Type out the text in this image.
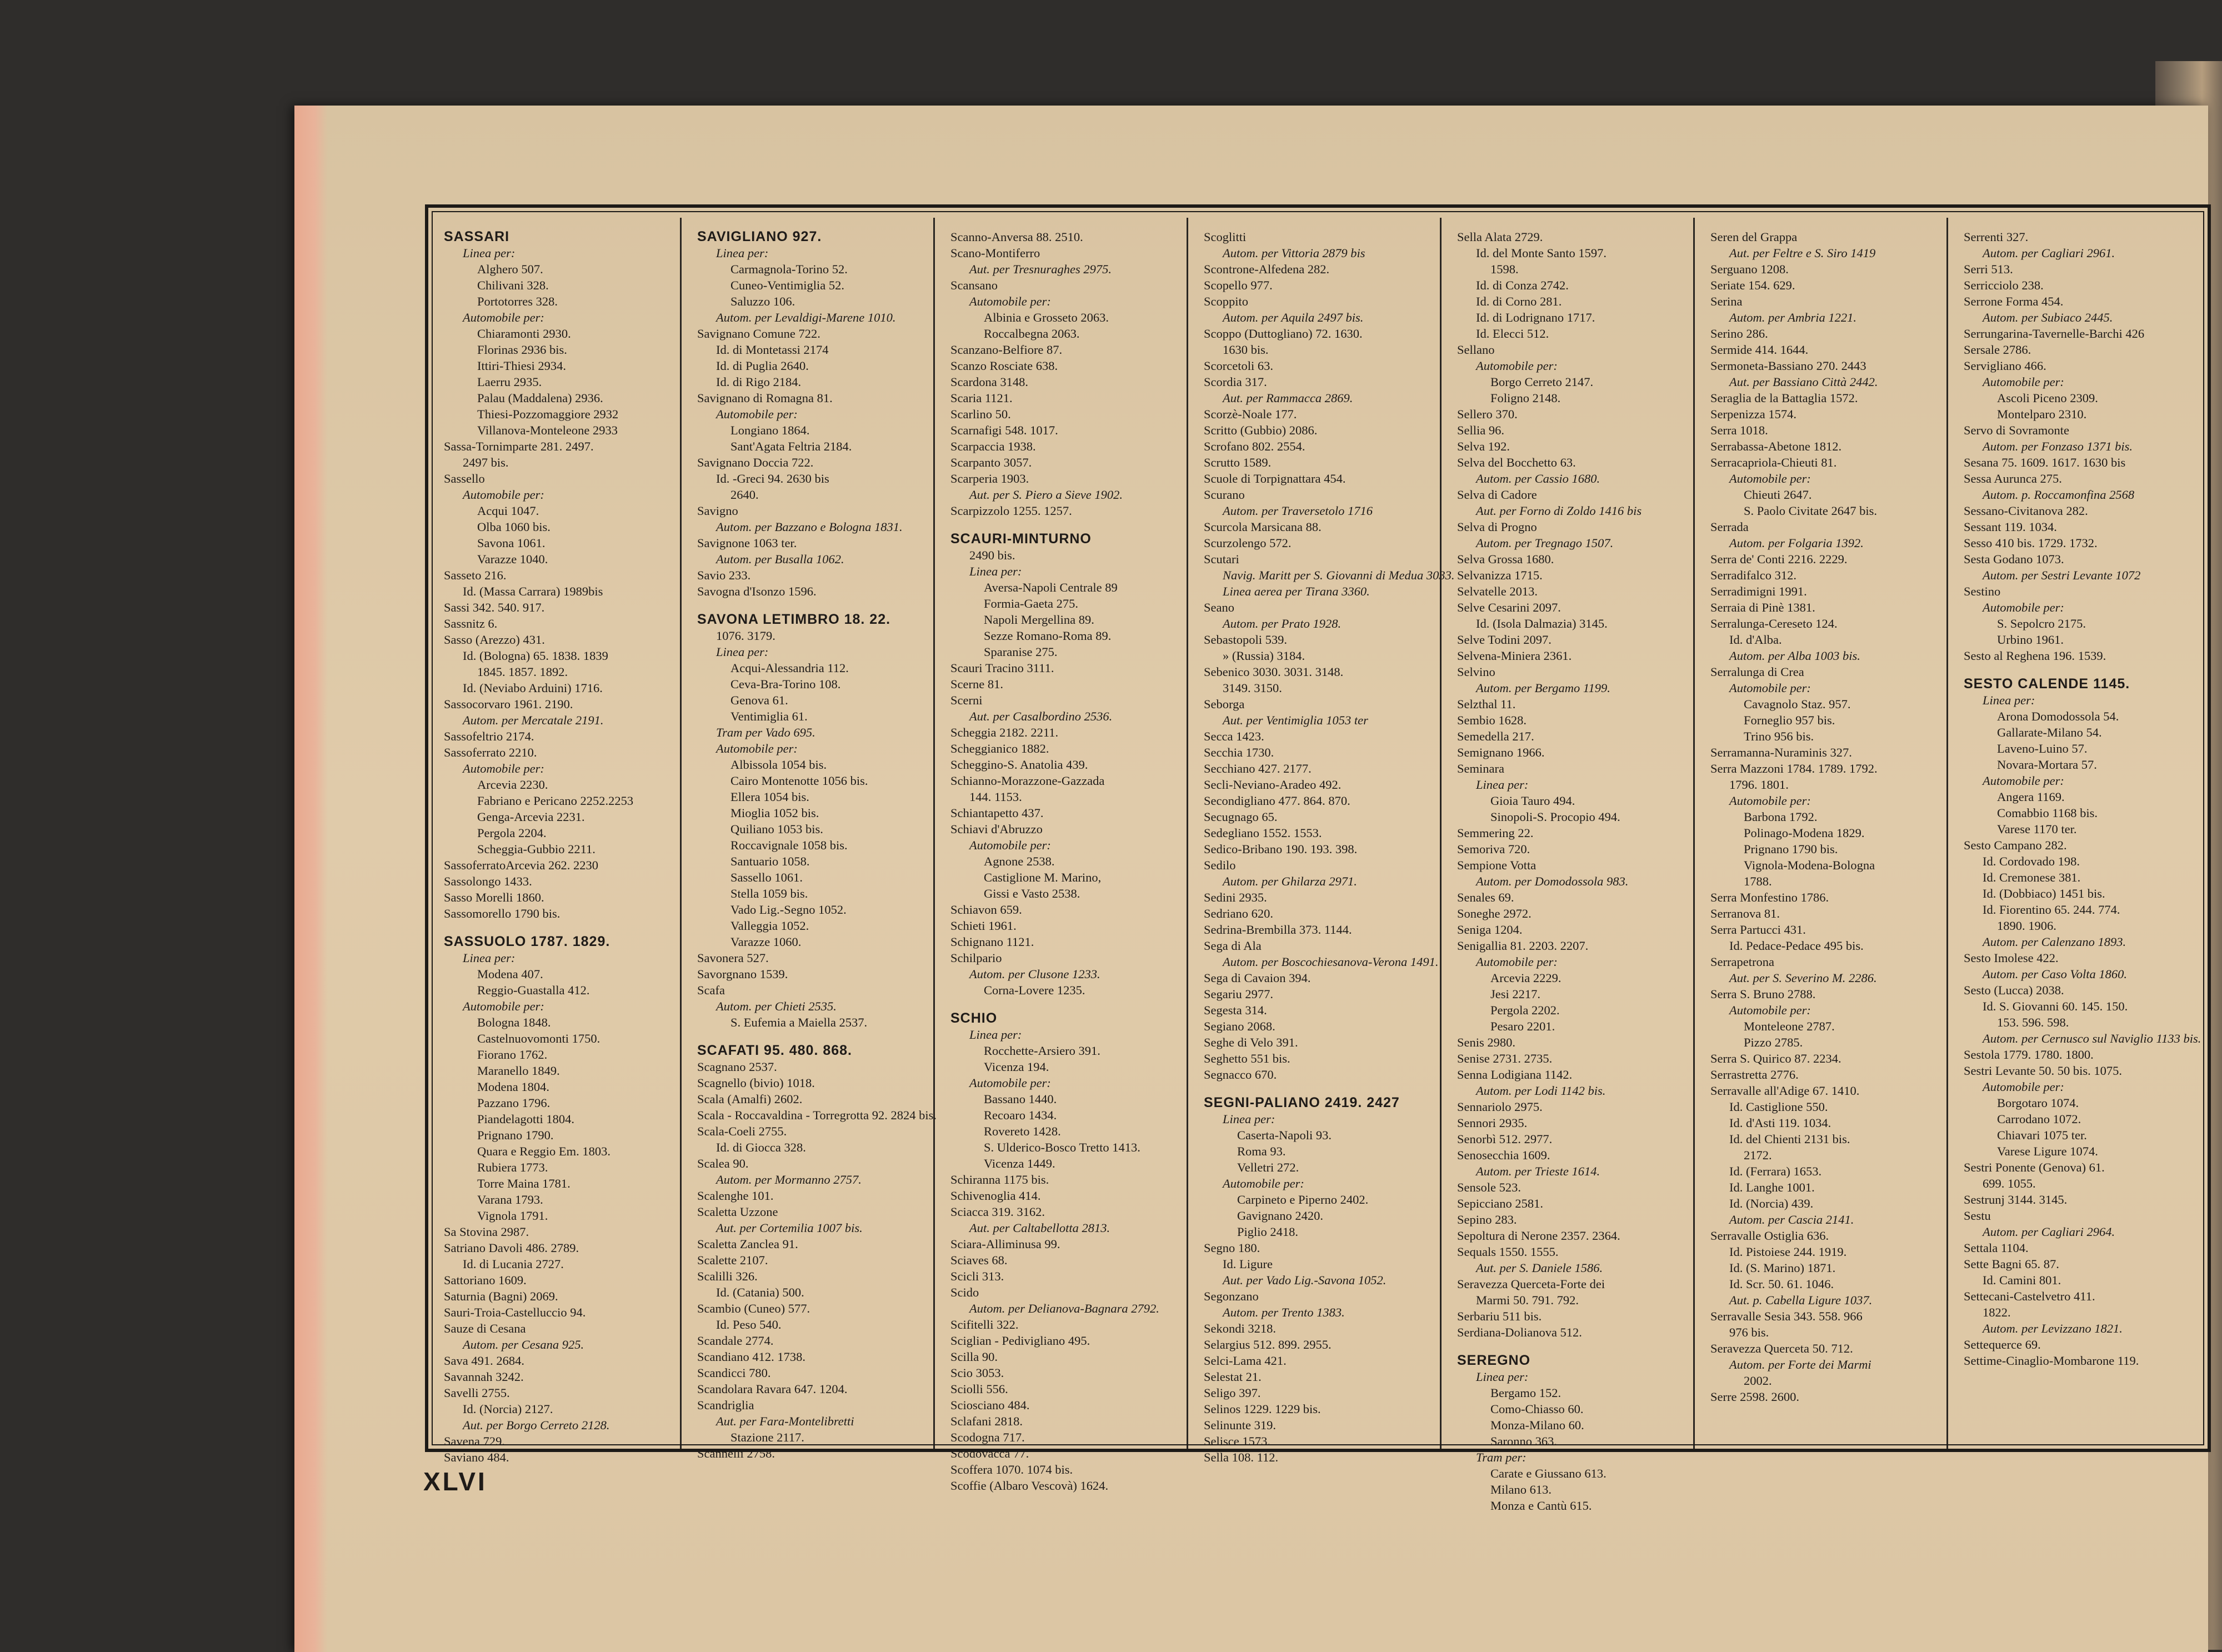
SASSARI
Linea per:
Alghero 507.
Chilivani 328.
Portotorres 328.
Automobile per:
Chiaramonti 2930.
Florinas 2936 bis.
Ittiri-Thiesi 2934.
Laerru 2935.
Palau (Maddalena) 2936.
Thiesi-Pozzomaggiore 2932
Villanova-Monteleone 2933
Sassa-Tornimparte 281. 2497.
2497 bis.
Sassello
Automobile per:
Acqui 1047.
Olba 1060 bis.
Savona 1061.
Varazze 1040.
Sasseto 216.
Id. (Massa Carrara) 1989bis
Sassi 342. 540. 917.
Sassnitz 6.
Sasso (Arezzo) 431.
Id. (Bologna) 65. 1838. 1839
1845. 1857. 1892.
Id. (Neviabo Arduini) 1716.
Sassocorvaro 1961. 2190.
Autom. per Mercatale 2191.
Sassofeltrio 2174.
Sassoferrato 2210.
Automobile per:
Arcevia 2230.
Fabriano e Pericano 2252.2253
Genga-Arcevia 2231.
Pergola 2204.
Scheggia-Gubbio 2211.
SassoferratoArcevia 262. 2230
Sassolongo 1433.
Sasso Morelli 1860.
Sassomorello 1790 bis.
SASSUOLO 1787. 1829.
Linea per:
Modena 407.
Reggio-Guastalla 412.
Automobile per:
Bologna 1848.
Castelnuovomonti 1750.
Fiorano 1762.
Maranello 1849.
Modena 1804.
Pazzano 1796.
Piandelagotti 1804.
Prignano 1790.
Quara e Reggio Em. 1803.
Rubiera 1773.
Torre Maina 1781.
Varana 1793.
Vignola 1791.
Sa Stovina 2987.
Satriano Davoli 486. 2789.
Id. di Lucania 2727.
Sattoriano 1609.
Saturnia (Bagni) 2069.
Sauri-Troia-Castelluccio 94.
Sauze di Cesana
Autom. per Cesana 925.
Sava 491. 2684.
Savannah 3242.
Savelli 2755.
Id. (Norcia) 2127.
Aut. per Borgo Cerreto 2128.
Savena 729.
Saviano 484.
SAVIGLIANO 927.
Linea per:
Carmagnola-Torino 52.
Cuneo-Ventimiglia 52.
Saluzzo 106.
Autom. per Levaldigi-Marene 1010.
Savignano Comune 722.
Id. di Montetassi 2174
Id. di Puglia 2640.
Id. di Rigo 2184.
Savignano di Romagna 81.
Automobile per:
Longiano 1864.
Sant'Agata Feltria 2184.
Savignano Doccia 722.
Id. -Greci 94. 2630 bis
2640.
Savigno
Autom. per Bazzano e Bologna 1831.
Savignone 1063 ter.
Autom. per Busalla 1062.
Savio 233.
Savogna d'Isonzo 1596.
SAVONA LETIMBRO 18. 22.
1076. 3179.
Linea per:
Acqui-Alessandria 112.
Ceva-Bra-Torino 108.
Genova 61.
Ventimiglia 61.
Tram per Vado 695.
Automobile per:
Albissola 1054 bis.
Cairo Montenotte 1056 bis.
Ellera 1054 bis.
Mioglia 1052 bis.
Quiliano 1053 bis.
Roccavignale 1058 bis.
Santuario 1058.
Sassello 1061.
Stella 1059 bis.
Vado Lig.-Segno 1052.
Valleggia 1052.
Varazze 1060.
Savonera 527.
Savorgnano 1539.
Scafa
Autom. per Chieti 2535.
S. Eufemia a Maiella 2537.
SCAFATI 95. 480. 868.
Scagnano 2537.
Scagnello (bivio) 1018.
Scala (Amalfi) 2602.
Scala - Roccavaldina - Torregrotta 92. 2824 bis.
Scala-Coeli 2755.
Id. di Giocca 328.
Scalea 90.
Autom. per Mormanno 2757.
Scalenghe 101.
Scaletta Uzzone
Aut. per Cortemilia 1007 bis.
Scaletta Zanclea 91.
Scalette 2107.
Scalilli 326.
Id. (Catania) 500.
Scambio (Cuneo) 577.
Id. Peso 540.
Scandale 2774.
Scandiano 412. 1738.
Scandicci 780.
Scandolara Ravara 647. 1204.
Scandriglia
Aut. per Fara-Montelibretti
Stazione 2117.
Scannelli 2758.
Scanno-Anversa 88. 2510.
Scano-Montiferro
Aut. per Tresnuraghes 2975.
Scansano
Automobile per:
Albinia e Grosseto 2063.
Roccalbegna 2063.
Scanzano-Belfiore 87.
Scanzo Rosciate 638.
Scardona 3148.
Scaria 1121.
Scarlino 50.
Scarnafigi 548. 1017.
Scarpaccia 1938.
Scarpanto 3057.
Scarperia 1903.
Aut. per S. Piero a Sieve 1902.
Scarpizzolo 1255. 1257.
SCAURI-MINTURNO
2490 bis.
Linea per:
Aversa-Napoli Centrale 89
Formia-Gaeta 275.
Napoli Mergellina 89.
Sezze Romano-Roma 89.
Sparanise 275.
Scauri Tracino 3111.
Scerne 81.
Scerni
Aut. per Casalbordino 2536.
Scheggia 2182. 2211.
Scheggianico 1882.
Scheggino-S. Anatolia 439.
Schianno-Morazzone-Gazzada
144. 1153.
Schiantapetto 437.
Schiavi d'Abruzzo
Automobile per:
Agnone 2538.
Castiglione M. Marino,
Gissi e Vasto 2538.
Schiavon 659.
Schieti 1961.
Schignano 1121.
Schilpario
Autom. per Clusone 1233.
Corna-Lovere 1235.
SCHIO
Linea per:
Rocchette-Arsiero 391.
Vicenza 194.
Automobile per:
Bassano 1440.
Recoaro 1434.
Rovereto 1428.
S. Ulderico-Bosco Tretto 1413.
Vicenza 1449.
Schiranna 1175 bis.
Schivenoglia 414.
Sciacca 319. 3162.
Aut. per Caltabellotta 2813.
Sciara-Alliminusa 99.
Sciaves 68.
Scicli 313.
Scido
Autom. per Delianova-Bagnara 2792.
Scifitelli 322.
Sciglian - Pedivigliano 495.
Scilla 90.
Scio 3053.
Sciolli 556.
Sciosciano 484.
Sclafani 2818.
Scodogna 717.
Scodovacca 77.
Scoffera 1070. 1074 bis.
Scoffie (Albaro Vescovà) 1624.
Scoglitti
Autom. per Vittoria 2879 bis
Scontrone-Alfedena 282.
Scopello 977.
Scoppito
Autom. per Aquila 2497 bis.
Scoppo (Duttogliano) 72. 1630.
1630 bis.
Scorcetoli 63.
Scordia 317.
Aut. per Rammacca 2869.
Scorzè-Noale 177.
Scritto (Gubbio) 2086.
Scrofano 802. 2554.
Scrutto 1589.
Scuole di Torpignattara 454.
Scurano
Autom. per Traversetolo 1716
Scurcola Marsicana 88.
Scurzolengo 572.
Scutari
Navig. Maritt per S. Giovanni di Medua 3033.
Linea aerea per Tirana 3360.
Seano
Autom. per Prato 1928.
Sebastopoli 539.
» (Russia) 3184.
Sebenico 3030. 3031. 3148.
3149. 3150.
Seborga
Aut. per Ventimiglia 1053 ter
Secca 1423.
Secchia 1730.
Secchiano 427. 2177.
Secli-Neviano-Aradeo 492.
Secondigliano 477. 864. 870.
Secugnago 65.
Sedegliano 1552. 1553.
Sedico-Bribano 190. 193. 398.
Sedilo
Autom. per Ghilarza 2971.
Sedini 2935.
Sedriano 620.
Sedrina-Brembilla 373. 1144.
Sega di Ala
Autom. per Boscochiesanova-Verona 1491.
Sega di Cavaion 394.
Segariu 2977.
Segesta 314.
Segiano 2068.
Seghe di Velo 391.
Seghetto 551 bis.
Segnacco 670.
SEGNI-PALIANO 2419. 2427
Linea per:
Caserta-Napoli 93.
Roma 93.
Velletri 272.
Automobile per:
Carpineto e Piperno 2402.
Gavignano 2420.
Piglio 2418.
Segno 180.
Id. Ligure
Aut. per Vado Lig.-Savona 1052.
Segonzano
Autom. per Trento 1383.
Sekondi 3218.
Selargius 512. 899. 2955.
Selci-Lama 421.
Selestat 21.
Seligo 397.
Selinos 1229. 1229 bis.
Selinunte 319.
Selisce 1573.
Sella 108. 112.
Sella Alata 2729.
Id. del Monte Santo 1597.
1598.
Id. di Conza 2742.
Id. di Corno 281.
Id. di Lodrignano 1717.
Id. Elecci 512.
Sellano
Automobile per:
Borgo Cerreto 2147.
Foligno 2148.
Sellero 370.
Sellia 96.
Selva 192.
Selva del Bocchetto 63.
Autom. per Cassio 1680.
Selva di Cadore
Aut. per Forno di Zoldo 1416 bis
Selva di Progno
Autom. per Tregnago 1507.
Selva Grossa 1680.
Selvanizza 1715.
Selvatelle 2013.
Selve Cesarini 2097.
Id. (Isola Dalmazia) 3145.
Selve Todini 2097.
Selvena-Miniera 2361.
Selvino
Autom. per Bergamo 1199.
Selzthal 11.
Sembio 1628.
Semedella 217.
Semignano 1966.
Seminara
Linea per:
Gioia Tauro 494.
Sinopoli-S. Procopio 494.
Semmering 22.
Semoriva 720.
Sempione Votta
Autom. per Domodossola 983.
Senales 69.
Soneghe 2972.
Seniga 1204.
Senigallia 81. 2203. 2207.
Automobile per:
Arcevia 2229.
Jesi 2217.
Pergola 2202.
Pesaro 2201.
Senis 2980.
Senise 2731. 2735.
Senna Lodigiana 1142.
Autom. per Lodi 1142 bis.
Sennariolo 2975.
Sennori 2935.
Senorbì 512. 2977.
Senosecchia 1609.
Autom. per Trieste 1614.
Sensole 523.
Sepicciano 2581.
Sepino 283.
Sepoltura di Nerone 2357. 2364.
Sequals 1550. 1555.
Aut. per S. Daniele 1586.
Seravezza Querceta-Forte dei
Marmi 50. 791. 792.
Serbariu 511 bis.
Serdiana-Dolianova 512.
SEREGNO
Linea per:
Bergamo 152.
Como-Chiasso 60.
Monza-Milano 60.
Saronno 363.
Tram per:
Carate e Giussano 613.
Milano 613.
Monza e Cantù 615.
Seren del Grappa
Aut. per Feltre e S. Siro 1419
Serguano 1208.
Seriate 154. 629.
Serina
Autom. per Ambria 1221.
Serino 286.
Sermide 414. 1644.
Sermoneta-Bassiano 270. 2443
Aut. per Bassiano Città 2442.
Seraglia de la Battaglia 1572.
Serpenizza 1574.
Serra 1018.
Serrabassa-Abetone 1812.
Serracapriola-Chieuti 81.
Automobile per:
Chieuti 2647.
S. Paolo Civitate 2647 bis.
Serrada
Autom. per Folgaria 1392.
Serra de' Conti 2216. 2229.
Serradifalco 312.
Serradimigni 1991.
Serraia di Pinè 1381.
Serralunga-Cereseto 124.
Id. d'Alba.
Autom. per Alba 1003 bis.
Serralunga di Crea
Automobile per:
Cavagnolo Staz. 957.
Forneglio 957 bis.
Trino 956 bis.
Serramanna-Nuraminis 327.
Serra Mazzoni 1784. 1789. 1792.
1796. 1801.
Automobile per:
Barbona 1792.
Polinago-Modena 1829.
Prignano 1790 bis.
Vignola-Modena-Bologna
1788.
Serra Monfestino 1786.
Serranova 81.
Serra Partucci 431.
Id. Pedace-Pedace 495 bis.
Serrapetrona
Aut. per S. Severino M. 2286.
Serra S. Bruno 2788.
Automobile per:
Monteleone 2787.
Pizzo 2785.
Serra S. Quirico 87. 2234.
Serrastretta 2776.
Serravalle all'Adige 67. 1410.
Id. Castiglione 550.
Id. d'Asti 119. 1034.
Id. del Chienti 2131 bis.
2172.
Id. (Ferrara) 1653.
Id. Langhe 1001.
Id. (Norcia) 439.
Autom. per Cascia 2141.
Serravalle Ostiglia 636.
Id. Pistoiese 244. 1919.
Id. (S. Marino) 1871.
Id. Scr. 50. 61. 1046.
Aut. p. Cabella Ligure 1037.
Serravalle Sesia 343. 558. 966
976 bis.
Seravezza Querceta 50. 712.
Autom. per Forte dei Marmi
2002.
Serre 2598. 2600.
Serrenti 327.
Autom. per Cagliari 2961.
Serri 513.
Serricciolo 238.
Serrone Forma 454.
Autom. per Subiaco 2445.
Serrungarina-Tavernelle-Barchi 426
Sersale 2786.
Servigliano 466.
Automobile per:
Ascoli Piceno 2309.
Montelparo 2310.
Servo di Sovramonte
Autom. per Fonzaso 1371 bis.
Sesana 75. 1609. 1617. 1630 bis
Sessa Aurunca 275.
Autom. p. Roccamonfina 2568
Sessano-Civitanova 282.
Sessant 119. 1034.
Sesso 410 bis. 1729. 1732.
Sesta Godano 1073.
Autom. per Sestri Levante 1072
Sestino
Automobile per:
S. Sepolcro 2175.
Urbino 1961.
Sesto al Reghena 196. 1539.
SESTO CALENDE 1145.
Linea per:
Arona Domodossola 54.
Gallarate-Milano 54.
Laveno-Luino 57.
Novara-Mortara 57.
Automobile per:
Angera 1169.
Comabbio 1168 bis.
Varese 1170 ter.
Sesto Campano 282.
Id. Cordovado 198.
Id. Cremonese 381.
Id. (Dobbiaco) 1451 bis.
Id. Fiorentino 65. 244. 774.
1890. 1906.
Autom. per Calenzano 1893.
Sesto Imolese 422.
Autom. per Caso Volta 1860.
Sesto (Lucca) 2038.
Id. S. Giovanni 60. 145. 150.
153. 596. 598.
Autom. per Cernusco sul Naviglio 1133 bis.
Sestola 1779. 1780. 1800.
Sestri Levante 50. 50 bis. 1075.
Automobile per:
Borgotaro 1074.
Carrodano 1072.
Chiavari 1075 ter.
Varese Ligure 1074.
Sestri Ponente (Genova) 61.
699. 1055.
Sestrunj 3144. 3145.
Sestu
Autom. per Cagliari 2964.
Settala 1104.
Sette Bagni 65. 87.
Id. Camini 801.
Settecani-Castelvetro 411.
1822.
Autom. per Levizzano 1821.
Settequerce 69.
Settime-Cinaglio-Mombarone 119.
XLVI
